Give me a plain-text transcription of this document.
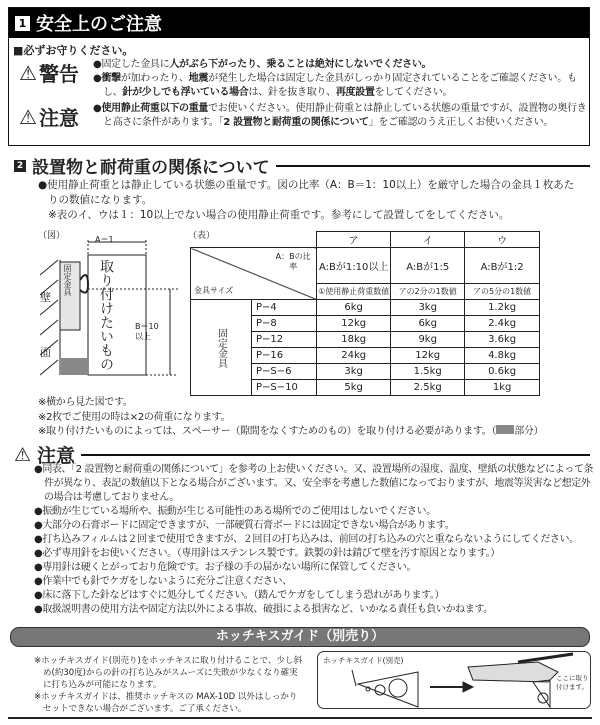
1 安全上のご注意
■必ずお守りください。
⚠ 警告 ●固定した金具に人がぶら下がったり、乗ることは絶対にしないでください。

●衝撃が加わったり、地震が発生した場合は固定した金具がしっかり固定されていることをご確認ください。もし、針が少しでも浮いている場合は、針を抜き取り、再度設置をしてください。

⚠ 注意 ●使用静止荷重以下の重量でお使いください。使用静止荷重とは静止している状態の重量ですが、設置物の奥行きと高さに条件があります。「2 設置物と耐荷重の関係について」をご確認のうえ正しくお使いください。

2 設置物と耐荷重の関係について
●使用静止荷重とは静止している状態の重量です。図の比率（A：B＝1：10以上）を厳守した場合の金具１枚あたりの数値になります。
※表のイ、ウは１：10以上でない場合の使用静止荷重です。参考にして設置してをしてください。
（図）	A＝1
B＝10以上
固定金具 取り付けたいもの
壁
面
（表）
		ア	イ	ウ

A：Bの比率
金具サイズ		A:Bが1:10以上	A:Bが1:5	A:Bが1:2
		①使用静止荷重数値	アの2分の1数値	アの5分の1数値
固定金具	P−4	6kg	3kg	1.2kg
	P−8	12kg	6kg	2.4kg
	P−12	18kg	9kg	3.6kg
	P−16	24kg	12kg	4.8kg
	P−S−6	3kg	1.5kg	0.6kg
	P−S−10	5kg	2.5kg	1kg
※横から見た図です。
※2枚でご使用の時は×2の荷重になります。
※取り付けたいものによっては、スペーサー（隙間をなくすためのもの）を取り付ける必要があります。（ 部分）
⚠ 注意

●同表、「2 設置物と耐荷重の関係について」を参考の上お使いください。又、設置場所の湿度、温度、壁紙の状態などによって条件が異なり、表記の数値以下となる場合がございます。又、安全率を考慮した数値になっておりますが、地震等災害など想定外の場合は考慮しておりません。

●振動が生じている場所や、振動が生じる可能性のある場所でのご使用はしないでください。

●大部分の石膏ボードに固定できますが、一部硬質石膏ボードには固定できない場合があります。

●打ち込みフィルムは２回まで使用できますが、２回目の打ち込みは、前回の打ち込みの穴と重ならないようにしてください。

●必ず専用針をお使いください。（専用針はステンレス製です。鉄製の針は錆びて壁を汚す原因となります。）

●専用針は硬くとがっており危険です。お子様の手の届かない場所に保管してください。

●作業中でも針でケガをしないように充分ご注意ください、

●床に落下した針などはすぐに処分してください。（踏んでケガをしてしまう恐れがあります。）

●取扱説明書の使用方法や固定方法以外による事故、破損による損害など、いかなる責任も負いかねます。

ホッチキスガイド（別売り）

※ホッチキスガイド(別売り)をホッチキスに取り付けることで、少し斜め(約30度)からの針の打ち込みがスムーズに失敗が少なくなり確実に打ち込みが可能になります。

※ホッチキスガイドは、推奨ホッチキスの MAX-10D 以外はしっかりセットできない場合がございます。ご了承ください。

ホッチキスガイド(別売)
ここに取り付けます。
